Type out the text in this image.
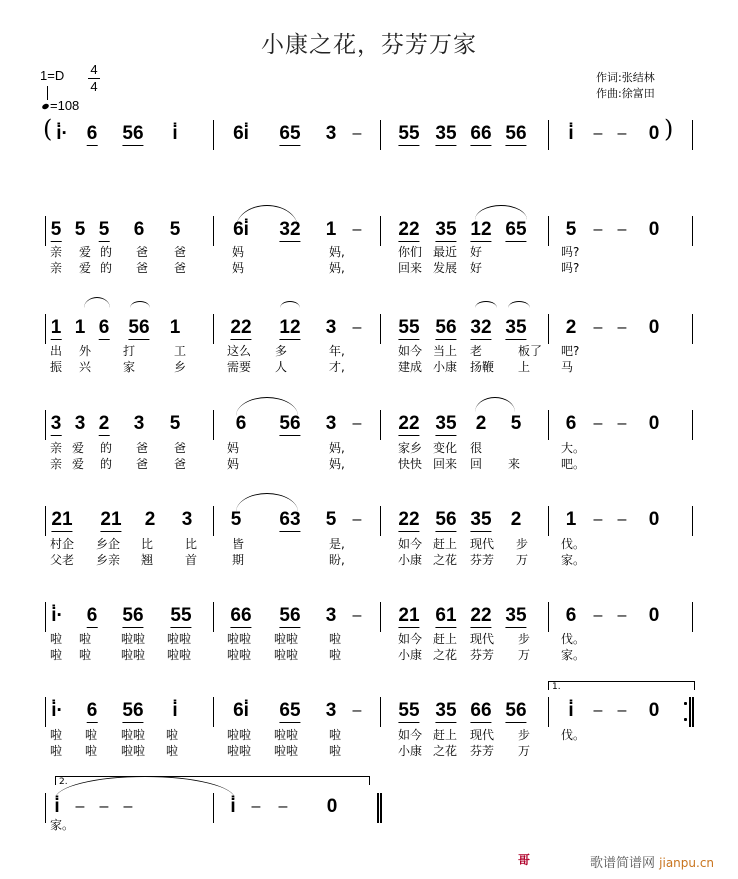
小康之花，芬芳万家
1=D 4
4
=108
作词:张结林
作曲:徐富田
i̇· 6 56 i̇	6i̇ 65 3 – 55 35 66 56 i̇ – – 0
5 5 5 6 5	6i̇ 32 1 – 22 35 12 65 5 – – 0
亲 爱 的 爸 爸	妈	妈,	你们 最近 好	吗?
亲 爱 的 爸 爸	妈	妈,	回来 发展 好	吗?
1 1 6 56 1	22 12 3 – 55 56 32 35 2 – – 0
出 外	打	工	这么 多	年,	如今 当上 老	板了 吧?
振 兴	家	乡	需要 人	才,	建成 小康 扬鞭 上	马
3 3 2 3 5	6 56 3 – 22 35 2 5 6 – – 0
亲 爱 的 爸 爸	妈	妈,	家乡 变化 很	大。
亲 爱 的 爸 爸	妈	妈,	快快 回来 回 来	吧。
21 21 2 3 5 63 5 – 22 56 35 2 1 – – 0
村企 乡企 比	比	皆	是,	如今 赶上 现代 步	伐。
父老 乡亲 翘	首	期	盼,	小康 之花 芬芳 万	家。
i̇· 6 56 55 66 56 3 – 21 61 22 35 6 – – 0
啦 啦 啦啦 啦啦	啦啦 啦啦	啦	如今 赶上 现代 步	伐。
啦 啦 啦啦 啦啦	啦啦 啦啦	啦	小康 之花 芬芳 万	家。
i̇· 6 56 i̇	6i̇ 65 3 – 55 35 66 56 i̇ – – 0
啦 啦 啦啦 啦	啦啦 啦啦	啦	如今 赶上 现代 步	伐。
啦 啦 啦啦 啦	啦啦 啦啦	啦	小康 之花 芬芳 万
i̇ – – –	i̇ – – 0
家。
(	)
1.
2.
哥	歌谱简谱网 jianpu.cn
